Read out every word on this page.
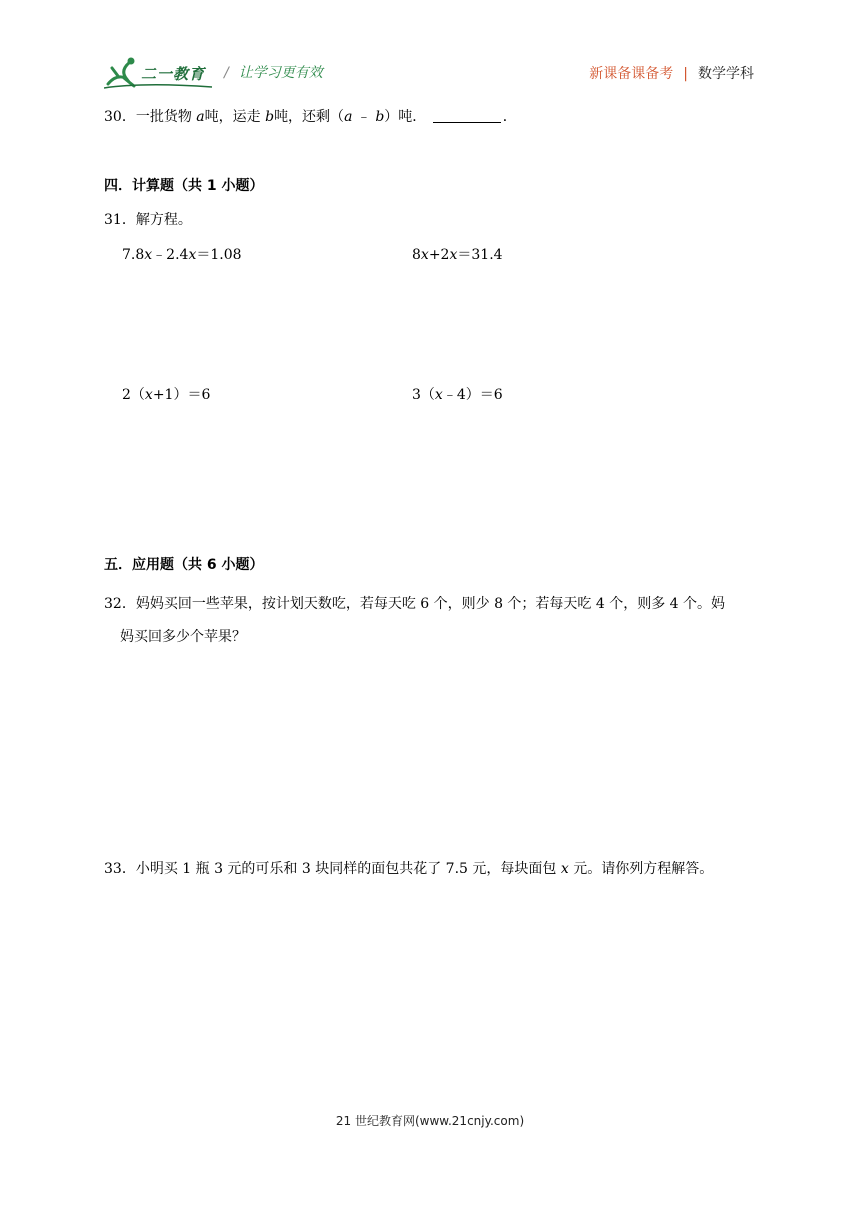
二一教育 / 让学习更有效	新课备课备考 | 数学学科
30．一批货物 a吨，运走 b吨，还剩（a ﹣ b）吨．	．
四．计算题（共 1 小题）
31．解方程。
7.8x﹣2.4x＝1.08	8x+2x＝31.4
2（x+1）＝6	3（x﹣4）＝6
五．应用题（共 6 小题）
32．妈妈买回一些苹果，按计划天数吃，若每天吃 6 个，则少 8 个；若每天吃 4 个，则多 4 个。妈
妈买回多少个苹果？
33．小明买 1 瓶 3 元的可乐和 3 块同样的面包共花了 7.5 元，每块面包 x 元。请你列方程解答。
21 世纪教育网(www.21cnjy.com)
